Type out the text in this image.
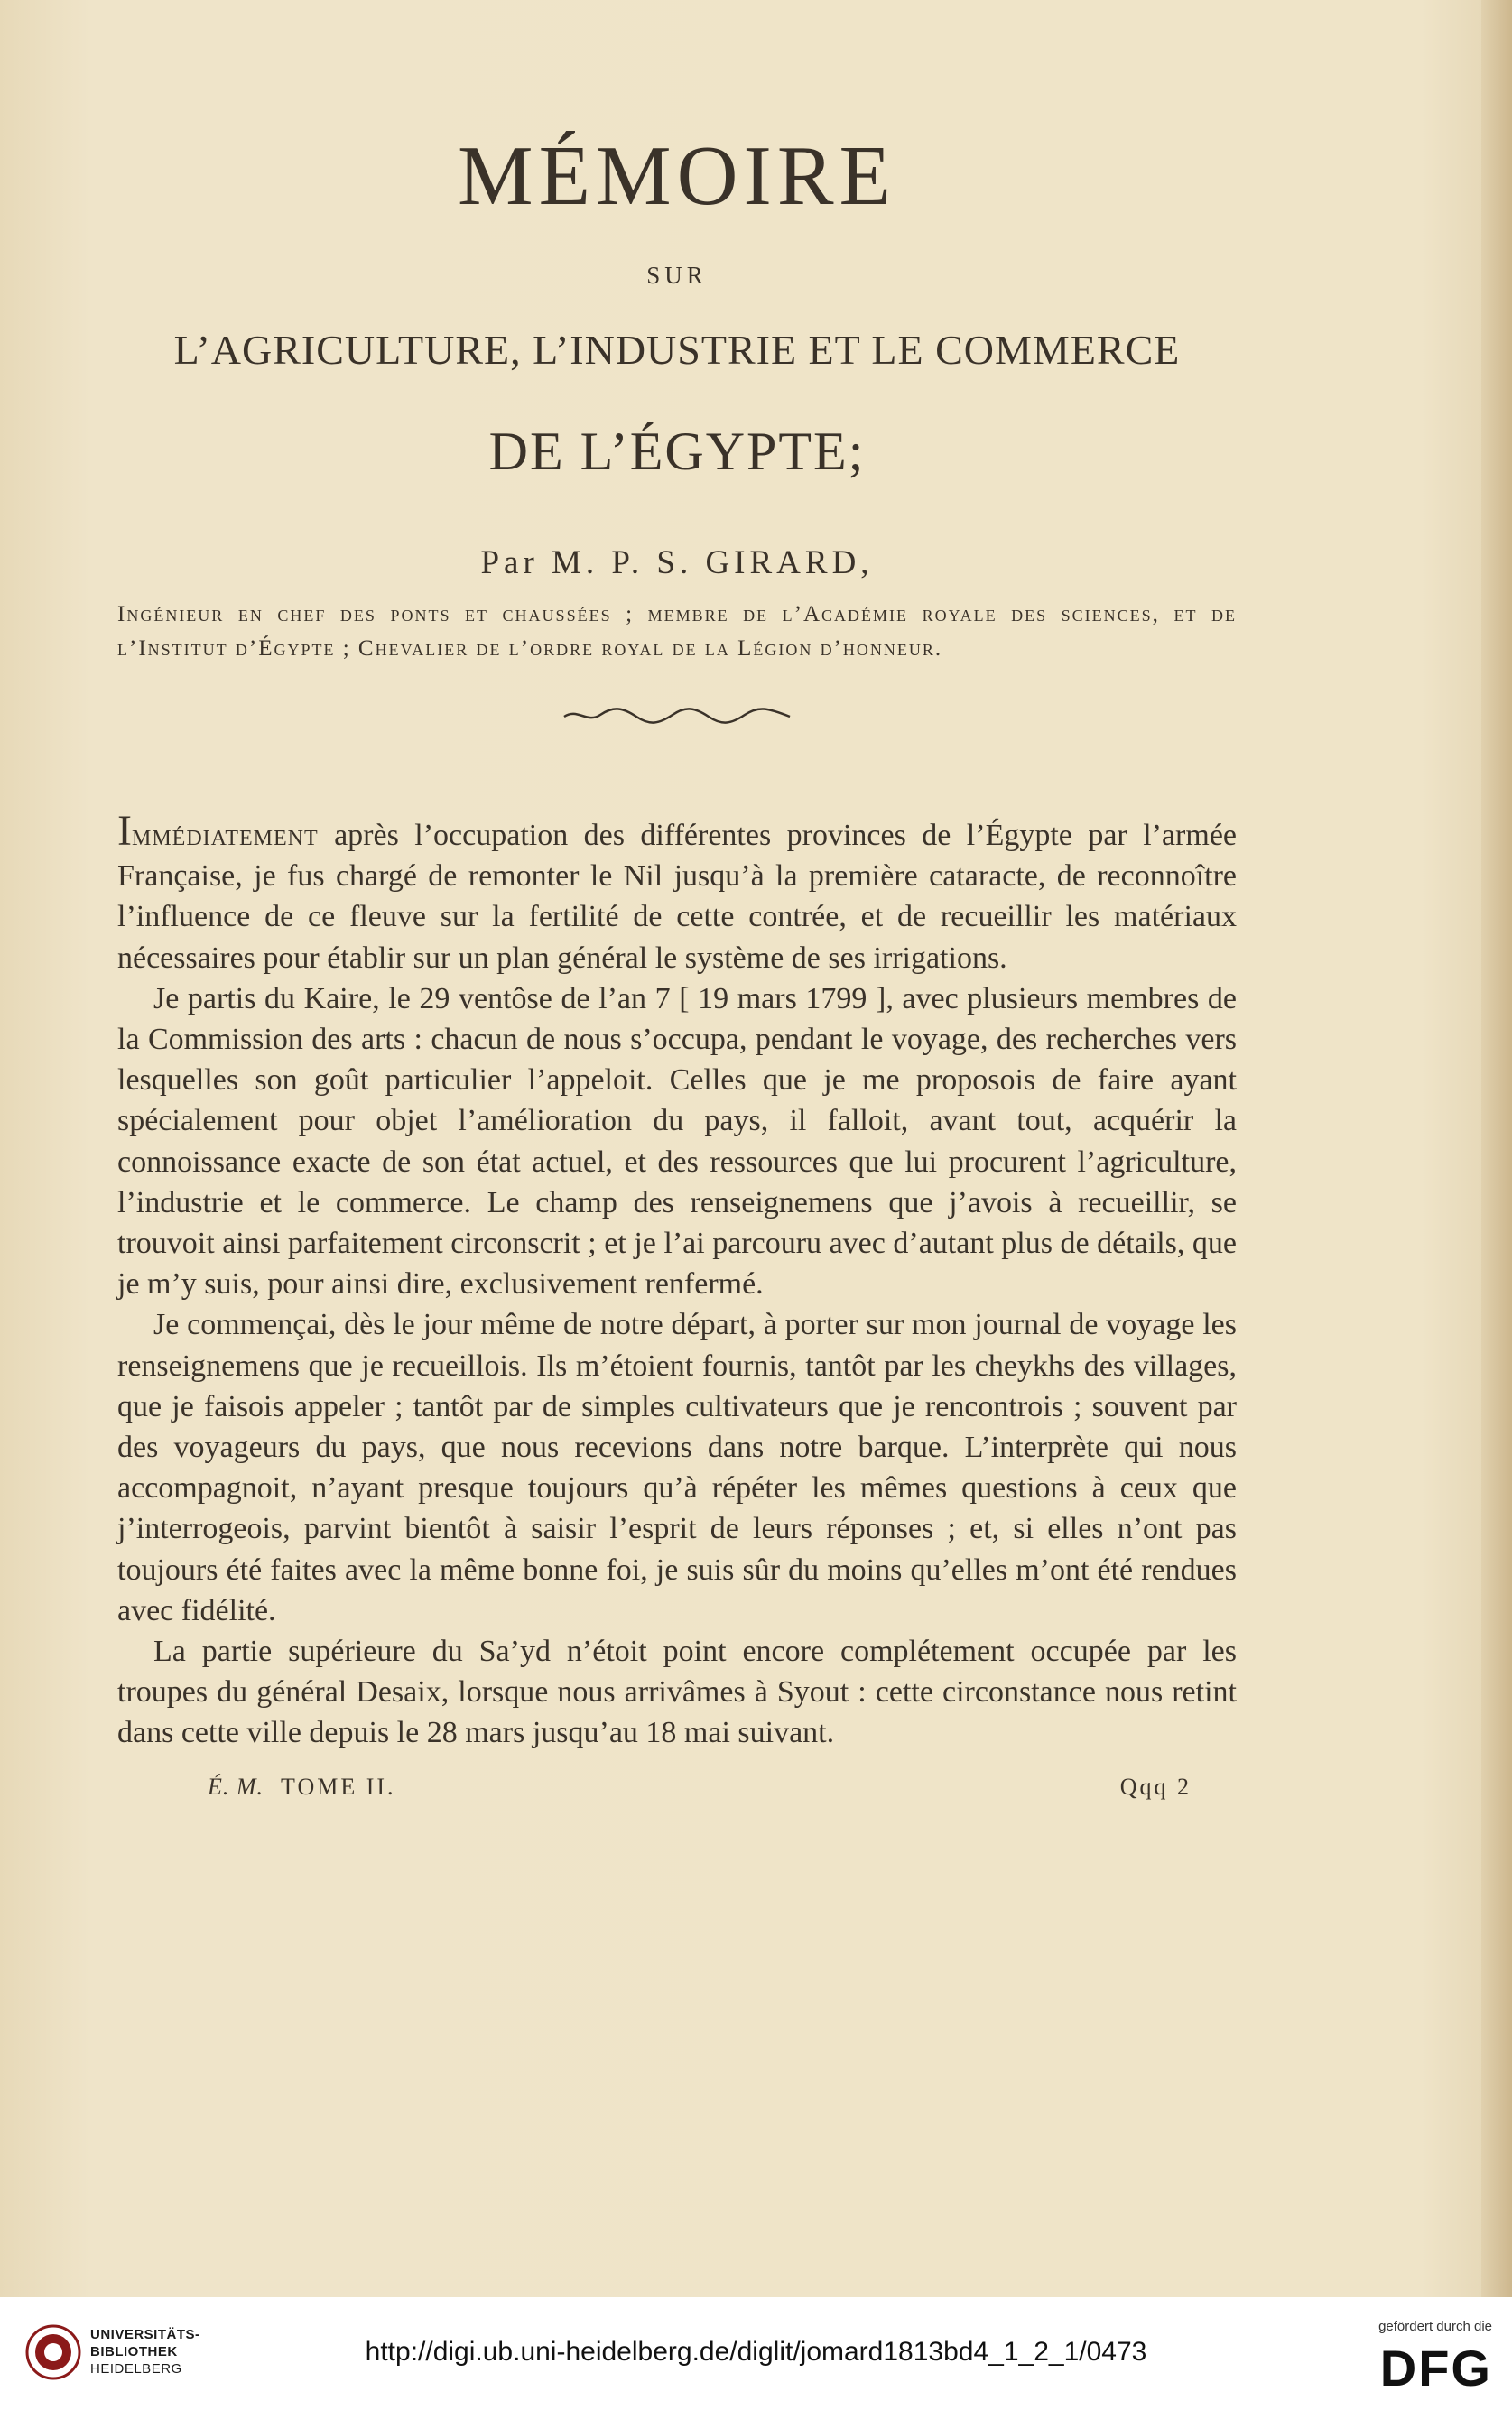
MÉMOIRE
SUR
L’AGRICULTURE, L’INDUSTRIE ET LE COMMERCE
DE L’ÉGYPTE;
Par M. P. S. GIRARD,
Ingénieur en chef des ponts et chaussées ; membre de l’Académie royale des sciences, et de l’Institut d’Égypte ; Chevalier de l’ordre royal de la Légion d’honneur.

Immédiatement après l’occupation des différentes provinces de l’Égypte par l’armée Française, je fus chargé de remonter le Nil jusqu’à la première cataracte, de reconnoître l’influence de ce fleuve sur la fertilité de cette contrée, et de recueillir les matériaux nécessaires pour établir sur un plan général le système de ses irrigations.

Je partis du Kaire, le 29 ventôse de l’an 7 [ 19 mars 1799 ], avec plusieurs membres de la Commission des arts : chacun de nous s’occupa, pendant le voyage, des recherches vers lesquelles son goût particulier l’appeloit. Celles que je me proposois de faire ayant spécialement pour objet l’amélioration du pays, il falloit, avant tout, acquérir la connoissance exacte de son état actuel, et des ressources que lui procurent l’agriculture, l’industrie et le commerce. Le champ des renseignemens que j’avois à recueillir, se trouvoit ainsi parfaitement circonscrit ; et je l’ai parcouru avec d’autant plus de détails, que je m’y suis, pour ainsi dire, exclusivement renfermé.

Je commençai, dès le jour même de notre départ, à porter sur mon journal de voyage les renseignemens que je recueillois. Ils m’étoient fournis, tantôt par les cheykhs des villages, que je faisois appeler ; tantôt par de simples cultivateurs que je rencontrois ; souvent par des voyageurs du pays, que nous recevions dans notre barque. L’interprète qui nous accompagnoit, n’ayant presque toujours qu’à répéter les mêmes questions à ceux que j’interrogeois, parvint bientôt à saisir l’esprit de leurs réponses ; et, si elles n’ont pas toujours été faites avec la même bonne foi, je suis sûr du moins qu’elles m’ont été rendues avec fidélité.

La partie supérieure du Sa’yd n’étoit point encore complétement occupée par les troupes du général Desaix, lorsque nous arrivâmes à Syout : cette circonstance nous retint dans cette ville depuis le 28 mars jusqu’au 18 mai suivant.

É. M. TOME II.	Qqq 2
UNIVERSITÄTS-
BIBLIOTHEK
HEIDELBERG
http://digi.ub.uni-heidelberg.de/diglit/jomard1813bd4_1_2_1/0473
gefördert durch die
DFG
